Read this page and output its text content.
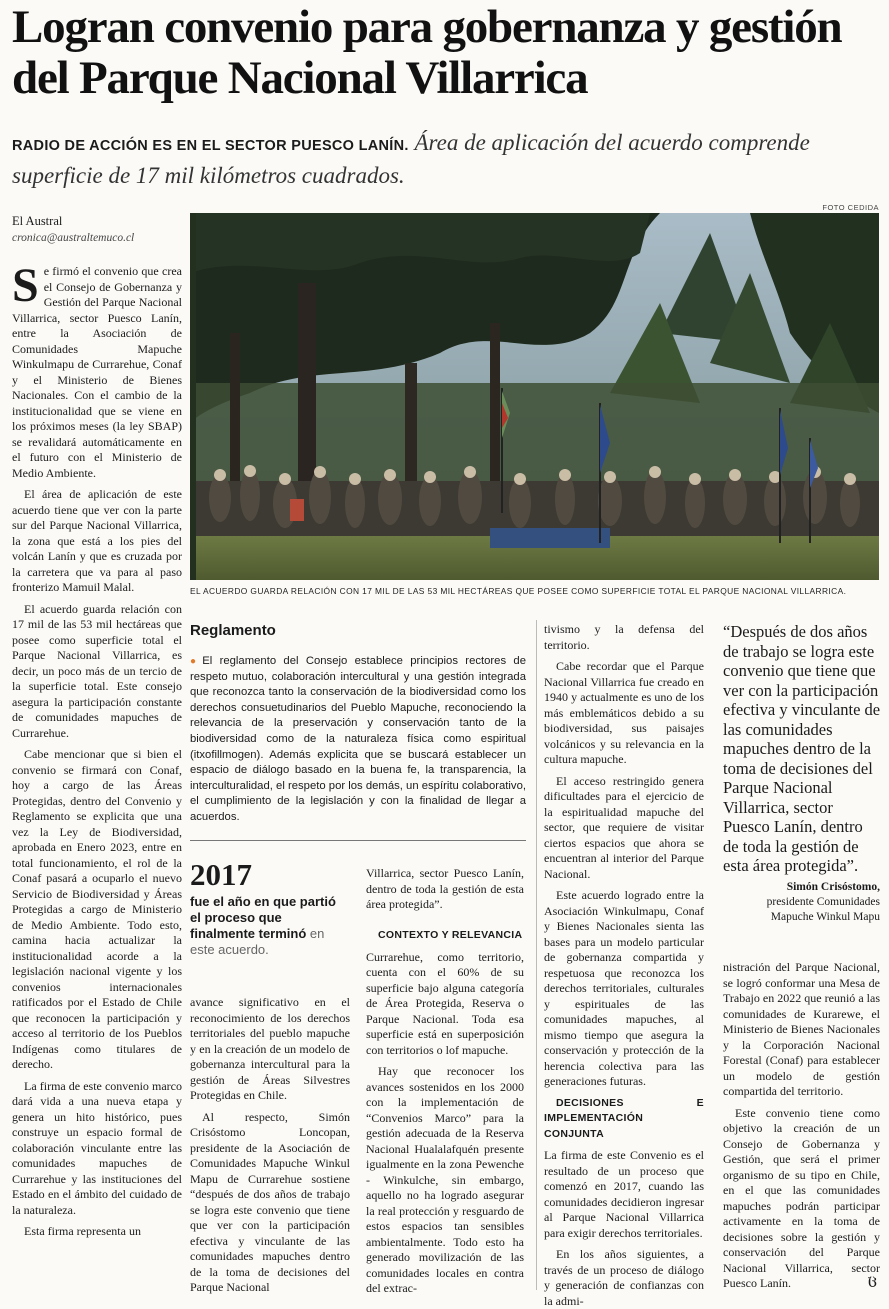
Logran convenio para gobernanza y gestión del Parque Nacional Villarrica

RADIO DE ACCIÓN ES EN EL SECTOR PUESCO LANÍN. Área de aplicación del acuerdo comprende superficie de 17 mil kilómetros cuadrados.

El Austral
cronica@australtemuco.cl
FOTO CEDIDA
EL ACUERDO GUARDA RELACIÓN CON 17 MIL DE LAS 53 MIL HECTÁREAS QUE POSEE COMO SUPERFICIE TOTAL EL PARQUE NACIONAL VILLARRICA.

Se firmó el convenio que crea el Consejo de Gobernanza y Gestión del Parque Nacional Villarrica, sector Puesco Lanín, entre la Asociación de Comunidades Mapuche Winkulmapu de Currarehue, Conaf y el Ministerio de Bienes Nacionales. Con el cambio de la institucionalidad que se viene en los próximos meses (la ley SBAP) se revalidará automáticamente en el futuro con el Ministerio de Medio Ambiente.

El área de aplicación de este acuerdo tiene que ver con la parte sur del Parque Nacional Villarrica, la zona que está a los pies del volcán Lanín y que es cruzada por la carretera que va para al paso fronterizo Mamuil Malal.

El acuerdo guarda relación con 17 mil de las 53 mil hectáreas que posee como superficie total el Parque Nacional Villarrica, es decir, un poco más de un tercio de la superficie total. Este consejo asegura la participación constante de comunidades mapuches de Currarehue.

Cabe mencionar que si bien el convenio se firmará con Conaf, hoy a cargo de las Áreas Protegidas, dentro del Convenio y Reglamento se explicita que una vez la Ley de Biodiversidad, aprobada en Enero 2023, entre en total funcionamiento, el rol de la Conaf pasará a ocuparlo el nuevo Servicio de Biodiversidad y Áreas Protegidas a cargo de Ministerio de Medio Ambiente. Todo esto, camina hacia actualizar la institucionalidad acorde a la legislación nacional vigente y los convenios internacionales ratificados por el Estado de Chile que reconocen la participación y acceso al territorio de los Pueblos Indígenas como titulares de derecho.

La firma de este convenio marco dará vida a una nueva etapa y genera un hito histórico, pues construye un espacio formal de colaboración vinculante entre las comunidades mapuches de Currarehue y las instituciones del Estado en el ámbito del cuidado de la naturaleza.

Esta firma representa un

Reglamento

● El reglamento del Consejo establece principios rectores de respeto mutuo, colaboración intercultural y una gestión integrada que reconozca tanto la conservación de la biodiversidad como los derechos consuetudinarios del Pueblo Mapuche, reconociendo la relevancia de la preservación y conservación tanto de la biodiversidad como de la naturaleza física como espiritual (itxofillmogen). Además explicita que se buscará establecer un espacio de diálogo basado en la buena fe, la transparencia, la interculturalidad, el respeto por los demás, un espíritu colaborativo, el cumplimiento de la legislación y con la finalidad de llegar a acuerdos.

2017

fue el año en que partió el proceso que finalmente terminó en este acuerdo.

avance significativo en el reconocimiento de los derechos territoriales del pueblo mapuche y en la creación de un modelo de gobernanza intercultural para la gestión de Áreas Silvestres Protegidas en Chile.

Al respecto, Simón Crisóstomo Loncopan, presidente de la Asociación de Comunidades Mapuche Winkul Mapu de Currarehue sostiene “después de dos años de trabajo se logra este convenio que tiene que ver con la participación efectiva y vinculante de las comunidades mapuches dentro de la toma de decisiones del Parque Nacional

Villarrica, sector Puesco Lanín, dentro de toda la gestión de esta área protegida”.

CONTEXTO Y RELEVANCIA

Currarehue, como territorio, cuenta con el 60% de su superficie bajo alguna categoría de Área Protegida, Reserva o Parque Nacional. Toda esa superficie está en superposición con territorios o lof mapuche.

Hay que reconocer los avances sostenidos en los 2000 con la implementación de “Convenios Marco” para la gestión adecuada de la Reserva Nacional Hualalafquén presente igualmente en la zona Pewenche - Winkulche, sin embargo, aquello no ha logrado asegurar la real protección y resguardo de estos espacios tan sensibles ambientalmente. Todo esto ha generado movilización de las comunidades locales en contra del extrac-

tivismo y la defensa del territorio.

Cabe recordar que el Parque Nacional Villarrica fue creado en 1940 y actualmente es uno de los más emblemáticos debido a su biodiversidad, sus paisajes volcánicos y su relevancia en la cultura mapuche.

El acceso restringido genera dificultades para el ejercicio de la espiritualidad mapuche del sector, que requiere de visitar ciertos espacios que ahora se encuentran al interior del Parque Nacional.

Este acuerdo logrado entre la Asociación Winkulmapu, Conaf y Bienes Nacionales sienta las bases para un modelo particular de gobernanza compartida y respetuosa que reconozca los derechos territoriales, culturales y espirituales de las comunidades mapuches, al mismo tiempo que asegura la conservación y protección de la herencia colectiva para las generaciones futuras.

DECISIONES E IMPLEMENTACIÓN CONJUNTA

La firma de este Convenio es el resultado de un proceso que comenzó en 2017, cuando las comunidades decidieron ingresar al Parque Nacional Villarrica para exigir derechos territoriales.

En los años siguientes, a través de un proceso de diálogo y generación de confianzas con la admi-

“Después de dos años de trabajo se logra este convenio que tiene que ver con la participación efectiva y vinculante de las comunidades mapuches dentro de la toma de decisiones del Parque Nacional Villarrica, sector Puesco Lanín, dentro de toda la gestión de esta área protegida”.

Simón Crisóstomo,
presidente Comunidades Mapuche Winkul Mapu

nistración del Parque Nacional, se logró conformar una Mesa de Trabajo en 2022 que reunió a las comunidades de Kurarewe, el Ministerio de Bienes Nacionales y la Corporación Nacional Forestal (Conaf) para establecer un modelo de gestión compartida del territorio.

Este convenio tiene como objetivo la creación de un Consejo de Gobernanza y Gestión, que será el primer organismo de su tipo en Chile, en el que las comunidades mapuches podrán participar activamente en la toma de decisiones sobre la gestión y conservación del Parque Nacional Villarrica, sector Puesco Lanín.	ც
